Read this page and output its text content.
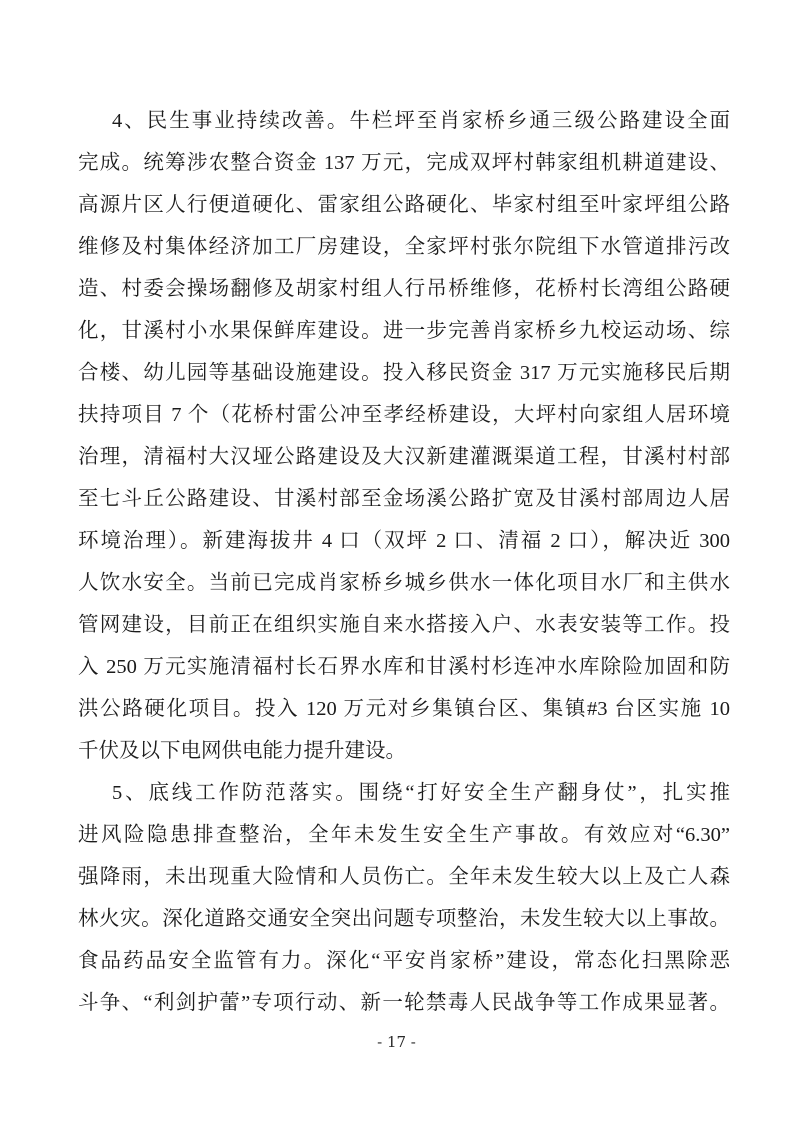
4、民生事业持续改善。牛栏坪至肖家桥乡通三级公路建设全面
完成。统筹涉农整合资金 137 万元，完成双坪村韩家组机耕道建设、
高源片区人行便道硬化、雷家组公路硬化、毕家村组至叶家坪组公路
维修及村集体经济加工厂房建设，全家坪村张尔院组下水管道排污改
造、村委会操场翻修及胡家村组人行吊桥维修，花桥村长湾组公路硬
化，甘溪村小水果保鲜库建设。进一步完善肖家桥乡九校运动场、综
合楼、幼儿园等基础设施建设。投入移民资金 317 万元实施移民后期
扶持项目 7 个（花桥村雷公冲至孝经桥建设，大坪村向家组人居环境
治理，清福村大汉垭公路建设及大汉新建灌溉渠道工程，甘溪村村部
至七斗丘公路建设、甘溪村部至金场溪公路扩宽及甘溪村部周边人居
环境治理）。新建海拔井 4 口（双坪 2 口、清福 2 口），解决近 300
人饮水安全。当前已完成肖家桥乡城乡供水一体化项目水厂和主供水
管网建设，目前正在组织实施自来水搭接入户、水表安装等工作。投
入 250 万元实施清福村长石界水库和甘溪村杉连冲水库除险加固和防
洪公路硬化项目。投入 120 万元对乡集镇台区、集镇#3 台区实施 10
千伏及以下电网供电能力提升建设。
5、底线工作防范落实。围绕“打好安全生产翻身仗”，扎实推
进风险隐患排查整治，全年未发生安全生产事故。有效应对“6.30”
强降雨，未出现重大险情和人员伤亡。全年未发生较大以上及亡人森
林火灾。深化道路交通安全突出问题专项整治，未发生较大以上事故。
食品药品安全监管有力。深化“平安肖家桥”建设，常态化扫黑除恶
斗争、“利剑护蕾”专项行动、新一轮禁毒人民战争等工作成果显著。
- 17 -
